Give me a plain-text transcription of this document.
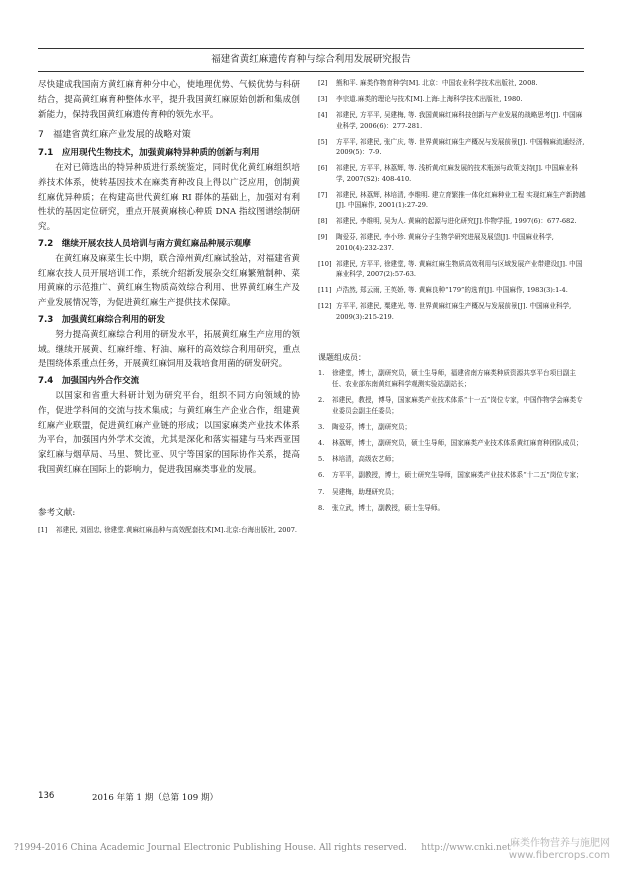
福建省黄红麻遗传育种与综合利用发展研究报告

尽快建成我国南方黄红麻育种分中心，使地理优势、气候优势与科研结合，提高黄红麻育种整体水平，提升我国黄红麻原始创新和集成创新能力，保持我国黄红麻遗传育种的领先水平。

7　福建省黄红麻产业发展的战略对策
7.1　应用现代生物技术，加强黄麻特异种质的创新与利用

在对已筛选出的特异种质进行系统鉴定，同时优化黄红麻组织培养技术体系，使转基因技术在麻类育种改良上得以广泛应用，创制黄红麻优异种质；在构建高世代黄红麻 RI 群体的基础上，加强对有利性状的基因定位研究，重点开展黄麻核心种质 DNA 指纹图谱绘制研究。

7.2　继续开展农技人员培训与南方黄红麻品种展示观摩

在黄红麻及麻菜生长中期，联合漳州黄/红麻试验站，对福建省黄红麻农技人员开展培训工作，系统介绍新发展杂交红麻繁殖制种、菜用黄麻的示范推广、黄红麻生物质高效综合利用、世界黄红麻生产及产业发展情况等，为促进黄红麻生产提供技术保障。

7.3　加强黄红麻综合利用的研发

努力提高黄红麻综合利用的研发水平，拓展黄红麻生产应用的领域。继续开展黄、红麻纤维、籽油、麻秆的高效综合利用研究，重点是围绕体系重点任务，开展黄红麻饲用及栽培食用菌的研发研究。

7.4　加强国内外合作交流

以国家和省重大科研计划为研究平台，组织不同方向领域的协作，促进学科间的交流与技术集成；与黄红麻生产企业合作，组建黄红麻产业联盟，促进黄红麻产业链的形成；以国家麻类产业技术体系为平台，加强国内外学术交流，尤其是深化和落实福建与马来西亚国家红麻与烟草局、马里、赞比亚、贝宁等国家的国际协作关系，提高我国黄红麻在国际上的影响力，促进我国麻类事业的发展。

参考文献:
[1]	祁建民, 刘固忠, 徐建堂.黄麻红麻品种与高效配套技术[M].北京:台海出版社, 2007.
[2]	熊和平. 麻类作物育种学[M]. 北京：中国农业科学技术出版社, 2008.
[3]	李宗道.麻类的理论与技术[M].上海:上海科学技术出版社, 1980.
[4]	祁建民, 方平平, 吴建梅, 等. 我国黄麻红麻科技创新与产业发展的战略思考[J]. 中国麻业科学, 2006(6)：277-281.
[5]	方平平, 祁建民, 张广庆, 等. 世界黄麻红麻生产概况与发展前景[J]. 中国棉麻流通经济, 2009(5)：7-9.
[6]	祁建民, 方平平, 林荔辉, 等. 浅析黄/红麻发展的技术瓶颈与政策支持[J]. 中国麻业科学, 2007(S2): 408-410.
[7]	祁建民, 林荔辉, 林培清, 李维明. 建立育繁推一体化红麻种业工程 实现红麻生产新跨越[J]. 中国麻作, 2001(1):27-29.
[8]	祁建民, 李维明, 吴为人. 黄麻的起源与进化研究[J].作物学报, 1997(6)：677-682.
[9]	陶爱芬, 祁建民, 李小珍. 黄麻分子生物学研究进展及展望[J]. 中国麻业科学, 2010(4):232-237.
[10] 祁建民, 方平平, 徐建堂, 等. 黄麻红麻生物质高效利用与区域发展产业带建设[J]. 中国麻业科学, 2007(2):57-63.
[11] 卢浩然, 郑云雨, 王英娇, 等. 黄麻良种“179”的选育[J]. 中国麻作, 1983(3):1-4.
[12] 方平平, 祁建民, 粟建光, 等. 世界黄麻红麻生产概况与发展前景[J]. 中国麻业科学, 2009(3):215-219.
课题组成员：
1.	徐建堂，博士，副研究员，硕士生导师，福建省南方麻类种质资源共享平台项目副主任、农业部东南黄红麻科学观测实验站副站长；
2.	祁建民，教授，博导，国家麻类产业技术体系“十一五”岗位专家，中国作物学会麻类专业委员会副主任委员；
3.	陶爱芬，博士，副研究员；
4.	林荔辉，博士，副研究员，硕士生导师，国家麻类产业技术体系黄红麻育种团队成员；
5.	林培清，高级农艺师；
6.	方平平，副教授，博士，硕士研究生导师，国家麻类产业技术体系“十二五”岗位专家；
7.	吴建梅，助理研究员；
8.	张立武，博士，副教授，硕士生导师。
136	2016 年第 1 期（总第 109 期）
?1994-2016 China Academic Journal Electronic Publishing House. All rights reserved. http://www.cnki.net 麻类作物营养与施肥网
www.fibercrops.com
